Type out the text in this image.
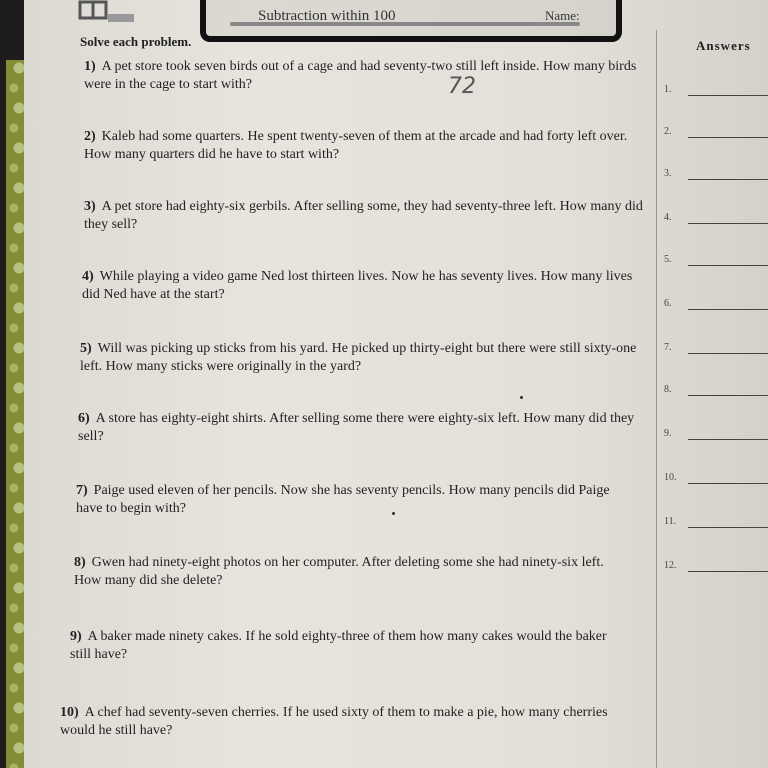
Subtraction within 100	Name:
Solve each problem.	Answers
72
1) A pet store took seven birds out of a cage and had seventy-two still left inside. How many birds were in the cage to start with?
2) Kaleb had some quarters. He spent twenty-seven of them at the arcade and had forty left over. How many quarters did he have to start with?
3) A pet store had eighty-six gerbils. After selling some, they had seventy-three left. How many did they sell?
4) While playing a video game Ned lost thirteen lives. Now he has seventy lives. How many lives did Ned have at the start?
5) Will was picking up sticks from his yard. He picked up thirty-eight but there were still sixty-one left. How many sticks were originally in the yard?
6) A store has eighty-eight shirts. After selling some there were eighty-six left. How many did they sell?
7) Paige used eleven of her pencils. Now she has seventy pencils. How many pencils did Paige have to begin with?
8) Gwen had ninety-eight photos on her computer. After deleting some she had ninety-six left. How many did she delete?
9) A baker made ninety cakes. If he sold eighty-three of them how many cakes would the baker still have?
10) A chef had seventy-seven cherries. If he used sixty of them to make a pie, how many cherries would he still have?
1.
2.
3.
4.
5.
6.
7.
8.
9.
10.
11.
12.
